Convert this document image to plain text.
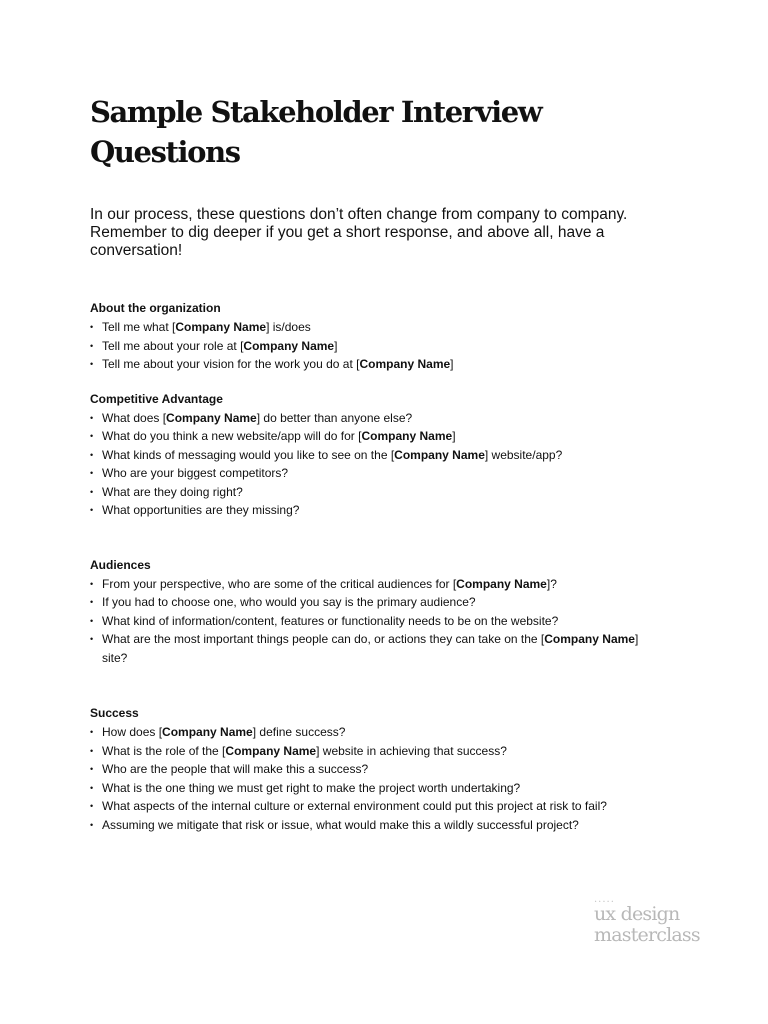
Sample Stakeholder Interview Questions

In our process, these questions don’t often change from company to company. Remember to dig deeper if you get a short response, and above all, have a conversation!

About the organization
• Tell me what [Company Name] is/does
• Tell me about your role at [Company Name]
• Tell me about your vision for the work you do at [Company Name]
Competitive Advantage
• What does [Company Name] do better than anyone else?
• What do you think a new website/app will do for [Company Name]
• What kinds of messaging would you like to see on the [Company Name] website/app?
• Who are your biggest competitors?
• What are they doing right?
• What opportunities are they missing?
Audiences
• From your perspective, who are some of the critical audiences for [Company Name]?
• If you had to choose one, who would you say is the primary audience?
• What kind of information/content, features or functionality needs to be on the website?
• What are the most important things people can do, or actions they can take on the [Company Name] site?
Success
• How does [Company Name] define success?
• What is the role of the [Company Name] website in achieving that success?
• Who are the people that will make this a success?
• What is the one thing we must get right to make the project worth undertaking?
• What aspects of the internal culture or external environment could put this project at risk to fail?
• Assuming we mitigate that risk or issue, what would make this a wildly successful project?
.....
ux design
masterclass
